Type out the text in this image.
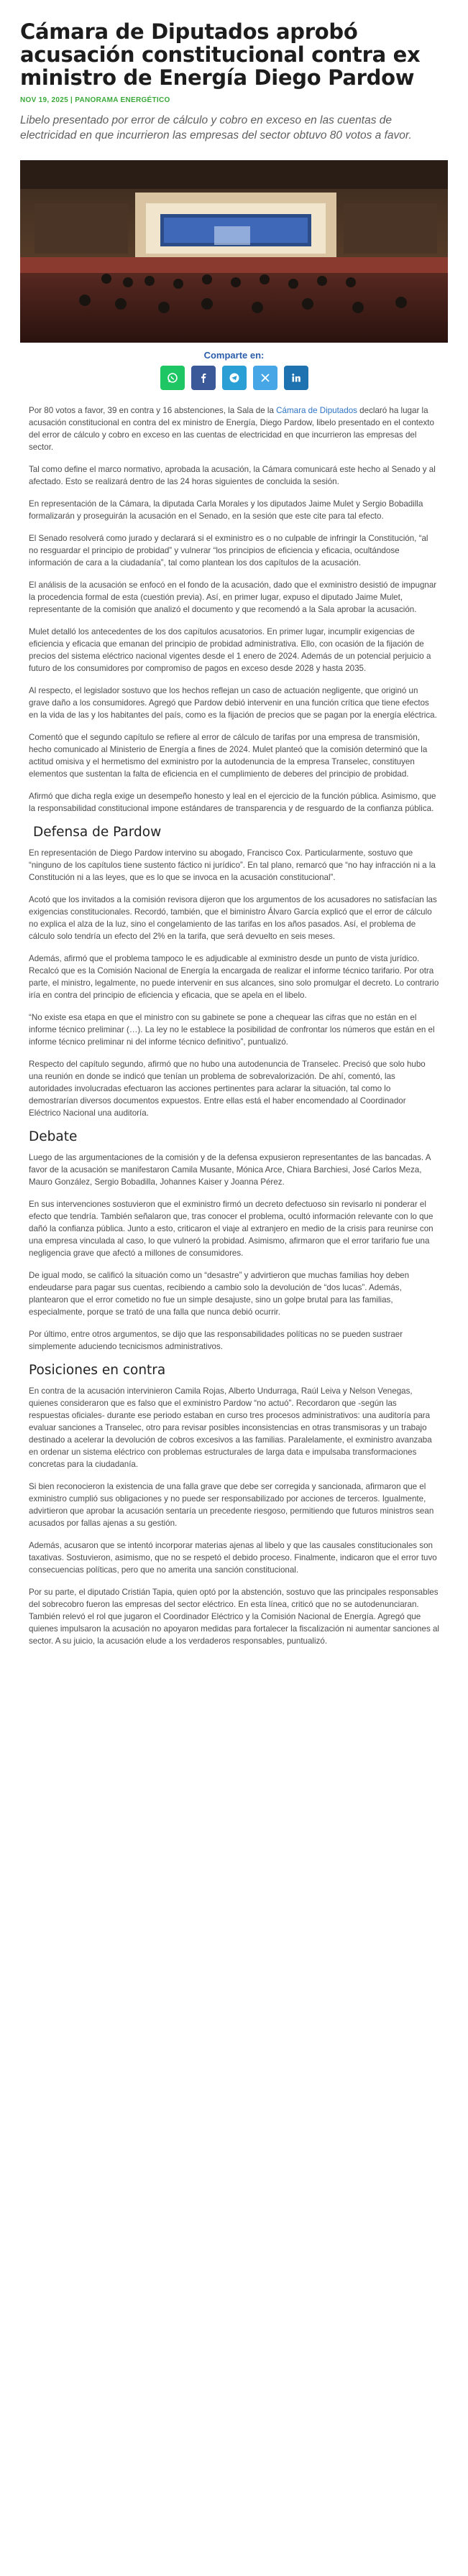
Cámara de Diputados aprobó acusación constitucional contra ex ministro de Energía Diego Pardow
NOV 19, 2025 | PANORAMA ENERGÉTICO
Libelo presentado por error de cálculo y cobro en exceso en las cuentas de electricidad en que incurrieron las empresas del sector obtuvo 80 votos a favor.
Comparte en:

Por 80 votos a favor, 39 en contra y 16 abstenciones, la Sala de la Cámara de Diputados declaró ha lugar la acusación constitucional en contra del ex ministro de Energía, Diego Pardow, libelo presentado en el contexto del error de cálculo y cobro en exceso en las cuentas de electricidad en que incurrieron las empresas del sector.

Tal como define el marco normativo, aprobada la acusación, la Cámara comunicará este hecho al Senado y al afectado. Esto se realizará dentro de las 24 horas siguientes de concluida la sesión.

En representación de la Cámara, la diputada Carla Morales y los diputados Jaime Mulet y Sergio Bobadilla formalizarán y proseguirán la acusación en el Senado, en la sesión que este cite para tal efecto.

El Senado resolverá como jurado y declarará si el exministro es o no culpable de infringir la Constitución, “al no resguardar el principio de probidad” y vulnerar “los principios de eficiencia y eficacia, ocultándose información de cara a la ciudadanía”, tal como plantean los dos capítulos de la acusación.

El análisis de la acusación se enfocó en el fondo de la acusación, dado que el exministro desistió de impugnar la procedencia formal de esta (cuestión previa). Así, en primer lugar, expuso el diputado Jaime Mulet, representante de la comisión que analizó el documento y que recomendó a la Sala aprobar la acusación.

Mulet detalló los antecedentes de los dos capítulos acusatorios. En primer lugar, incumplir exigencias de eficiencia y eficacia que emanan del principio de probidad administrativa. Ello, con ocasión de la fijación de precios del sistema eléctrico nacional vigentes desde el 1 enero de 2024. Además de un potencial perjuicio a futuro de los consumidores por compromiso de pagos en exceso desde 2028 y hasta 2035.

Al respecto, el legislador sostuvo que los hechos reflejan un caso de actuación negligente, que originó un grave daño a los consumidores. Agregó que Pardow debió intervenir en una función crítica que tiene efectos en la vida de las y los habitantes del país, como es la fijación de precios que se pagan por la energía eléctrica.

Comentó que el segundo capítulo se refiere al error de cálculo de tarifas por una empresa de transmisión, hecho comunicado al Ministerio de Energía a fines de 2024. Mulet planteó que la comisión determinó que la actitud omisiva y el hermetismo del exministro por la autodenuncia de la empresa Transelec, constituyen elementos que sustentan la falta de eficiencia en el cumplimiento de deberes del principio de probidad.

Afirmó que dicha regla exige un desempeño honesto y leal en el ejercicio de la función pública. Asimismo, que la responsabilidad constitucional impone estándares de transparencia y de resguardo de la confianza pública.

Defensa de Pardow

En representación de Diego Pardow intervino su abogado, Francisco Cox. Particularmente, sostuvo que “ninguno de los capítulos tiene sustento fáctico ni jurídico”. En tal plano, remarcó que “no hay infracción ni a la Constitución ni a las leyes, que es lo que se invoca en la acusación constitucional”.

Acotó que los invitados a la comisión revisora dijeron que los argumentos de los acusadores no satisfacían las exigencias constitucionales. Recordó, también, que el biministro Álvaro García explicó que el error de cálculo no explica el alza de la luz, sino el congelamiento de las tarifas en los años pasados. Así, el problema de cálculo solo tendría un efecto del 2% en la tarifa, que será devuelto en seis meses.

Además, afirmó que el problema tampoco le es adjudicable al exministro desde un punto de vista jurídico. Recalcó que es la Comisión Nacional de Energía la encargada de realizar el informe técnico tarifario. Por otra parte, el ministro, legalmente, no puede intervenir en sus alcances, sino solo promulgar el decreto. Lo contrario iría en contra del principio de eficiencia y eficacia, que se apela en el libelo.

“No existe esa etapa en que el ministro con su gabinete se pone a chequear las cifras que no están en el informe técnico preliminar (…). La ley no le establece la posibilidad de confrontar los números que están en el informe técnico preliminar ni del informe técnico definitivo”, puntualizó.

Respecto del capítulo segundo, afirmó que no hubo una autodenuncia de Transelec. Precisó que solo hubo una reunión en donde se indicó que tenían un problema de sobrevalorización. De ahí, comentó, las autoridades involucradas efectuaron las acciones pertinentes para aclarar la situación, tal como lo demostrarían diversos documentos expuestos. Entre ellas está el haber encomendado al Coordinador Eléctrico Nacional una auditoría.

Debate

Luego de las argumentaciones de la comisión y de la defensa expusieron representantes de las bancadas. A favor de la acusación se manifestaron Camila Musante, Mónica Arce, Chiara Barchiesi, José Carlos Meza, Mauro González, Sergio Bobadilla, Johannes Kaiser y Joanna Pérez.

En sus intervenciones sostuvieron que el exministro firmó un decreto defectuoso sin revisarlo ni ponderar el efecto que tendría. También señalaron que, tras conocer el problema, ocultó información relevante con lo que dañó la confianza pública. Junto a esto, criticaron el viaje al extranjero en medio de la crisis para reunirse con una empresa vinculada al caso, lo que vulneró la probidad. Asimismo, afirmaron que el error tarifario fue una negligencia grave que afectó a millones de consumidores.

De igual modo, se calificó la situación como un “desastre” y advirtieron que muchas familias hoy deben endeudarse para pagar sus cuentas, recibiendo a cambio solo la devolución de “dos lucas”. Además, plantearon que el error cometido no fue un simple desajuste, sino un golpe brutal para las familias, especialmente, porque se trató de una falla que nunca debió ocurrir.

Por último, entre otros argumentos, se dijo que las responsabilidades políticas no se pueden sustraer simplemente aduciendo tecnicismos administrativos.

Posiciones en contra

En contra de la acusación intervinieron Camila Rojas, Alberto Undurraga, Raúl Leiva y Nelson Venegas, quienes consideraron que es falso que el exministro Pardow “no actuó”. Recordaron que -según las respuestas oficiales- durante ese periodo estaban en curso tres procesos administrativos: una auditoría para evaluar sanciones a Transelec, otro para revisar posibles inconsistencias en otras transmisoras y un trabajo destinado a acelerar la devolución de cobros excesivos a las familias. Paralelamente, el exministro avanzaba en ordenar un sistema eléctrico con problemas estructurales de larga data e impulsaba transformaciones concretas para la ciudadanía.

Si bien reconocieron la existencia de una falla grave que debe ser corregida y sancionada, afirmaron que el exministro cumplió sus obligaciones y no puede ser responsabilizado por acciones de terceros. Igualmente, advirtieron que aprobar la acusación sentaría un precedente riesgoso, permitiendo que futuros ministros sean acusados por fallas ajenas a su gestión.

Además, acusaron que se intentó incorporar materias ajenas al libelo y que las causales constitucionales son taxativas. Sostuvieron, asimismo, que no se respetó el debido proceso. Finalmente, indicaron que el error tuvo consecuencias políticas, pero que no amerita una sanción constitucional.

Por su parte, el diputado Cristián Tapia, quien optó por la abstención, sostuvo que las principales responsables del sobrecobro fueron las empresas del sector eléctrico. En esta línea, criticó que no se autodenunciaran. También relevó el rol que jugaron el Coordinador Eléctrico y la Comisión Nacional de Energía. Agregó que quienes impulsaron la acusación no apoyaron medidas para fortalecer la fiscalización ni aumentar sanciones al sector. A su juicio, la acusación elude a los verdaderos responsables, puntualizó.
